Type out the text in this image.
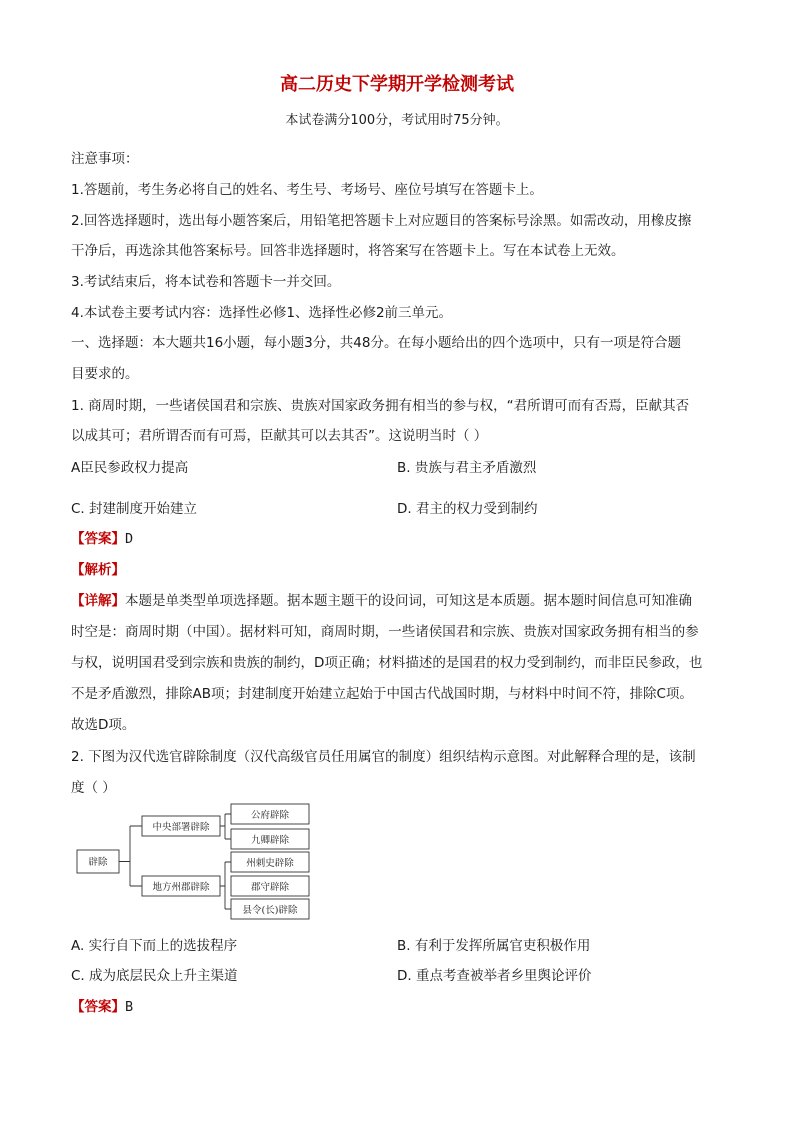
高二历史下学期开学检测考试
本试卷满分100分，考试用时75分钟。
注意事项：
1.答题前，考生务必将自己的姓名、考生号、考场号、座位号填写在答题卡上。
2.回答选择题时，选出每小题答案后，用铅笔把答题卡上对应题目的答案标号涂黑。如需改动，用橡皮擦
干净后，再选涂其他答案标号。回答非选择题时，将答案写在答题卡上。写在本试卷上无效。
3.考试结束后，将本试卷和答题卡一并交回。
4.本试卷主要考试内容：选择性必修1、选择性必修2前三单元。
一、选择题：本大题共16小题，每小题3分，共48分。在每小题给出的四个选项中，只有一项是符合题
目要求的。
1. 商周时期，一些诸侯国君和宗族、贵族对国家政务拥有相当的参与权，“君所谓可而有否焉，臣献其否
以成其可；君所谓否而有可焉，臣献其可以去其否”。这说明当时（ ）
A臣民参政权力提高	B. 贵族与君主矛盾激烈
C. 封建制度开始建立	D. 君主的权力受到制约
【答案】D
【解析】
【详解】本题是单类型单项选择题。据本题主题干的设问词，可知这是本质题。据本题时间信息可知准确
时空是：商周时期（中国）。据材料可知，商周时期，一些诸侯国君和宗族、贵族对国家政务拥有相当的参
与权，说明国君受到宗族和贵族的制约，D项正确；材料描述的是国君的权力受到制约，而非臣民参政，也
不是矛盾激烈，排除AB项；封建制度开始建立起始于中国古代战国时期，与材料中时间不符，排除C项。
故选D项。
2. 下图为汉代选官辟除制度（汉代高级官员任用属官的制度）组织结构示意图。对此解释合理的是，该制
度（ ）
辟除
中央部署辟除
地方州郡辟除
公府辟除
九卿辟除
州刺史辟除
郡守辟除
县令(长)辟除
A. 实行自下而上的选拔程序	B. 有利于发挥所属官吏积极作用
C. 成为底层民众上升主渠道	D. 重点考查被举者乡里舆论评价
【答案】B
